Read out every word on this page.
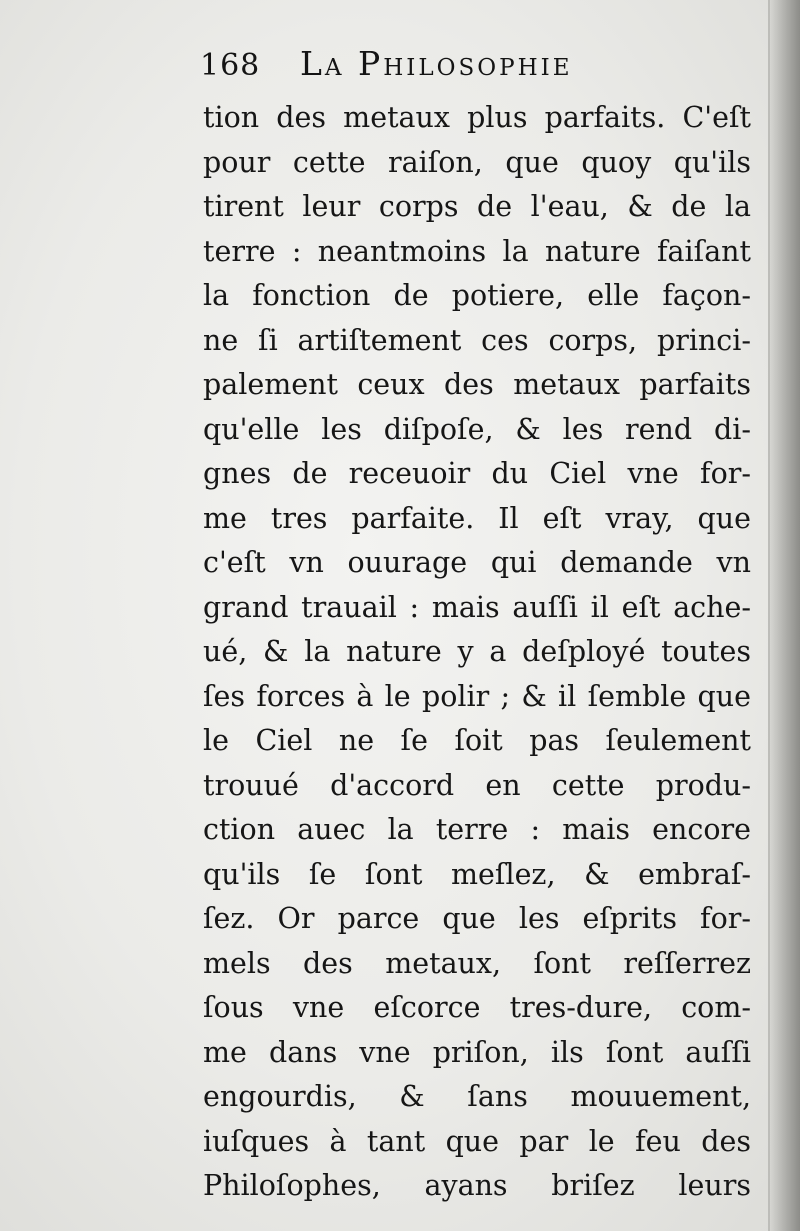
168 La Philosophie
tion des metaux plus parfaits. C'eſt
pour cette raiſon, que quoy qu'ils
tirent leur corps de l'eau, & de la
terre : neantmoins la nature faiſant
la fonction de potiere, elle façon-
ne ſi artiſtement ces corps, princi-
palement ceux des metaux parfaits
qu'elle les diſpoſe, & les rend di-
gnes de receuoir du Ciel vne for-
me tres parfaite. Il eſt vray, que
c'eſt vn ouurage qui demande vn
grand trauail : mais auſſi il eſt ache-
ué, & la nature y a deſployé toutes
ſes forces à le polir ; & il ſemble que
le Ciel ne ſe ſoit pas ſeulement
trouué d'accord en cette produ-
ction auec la terre : mais encore
qu'ils ſe ſont meſlez, & embraſ-
ſez. Or parce que les eſprits for-
mels des metaux, ſont reſſerrez
ſous vne eſcorce tres-dure, com-
me dans vne priſon, ils ſont auſſi
engourdis, & ſans mouuement,
iuſques à tant que par le feu des
Philoſophes, ayans briſez leurs
